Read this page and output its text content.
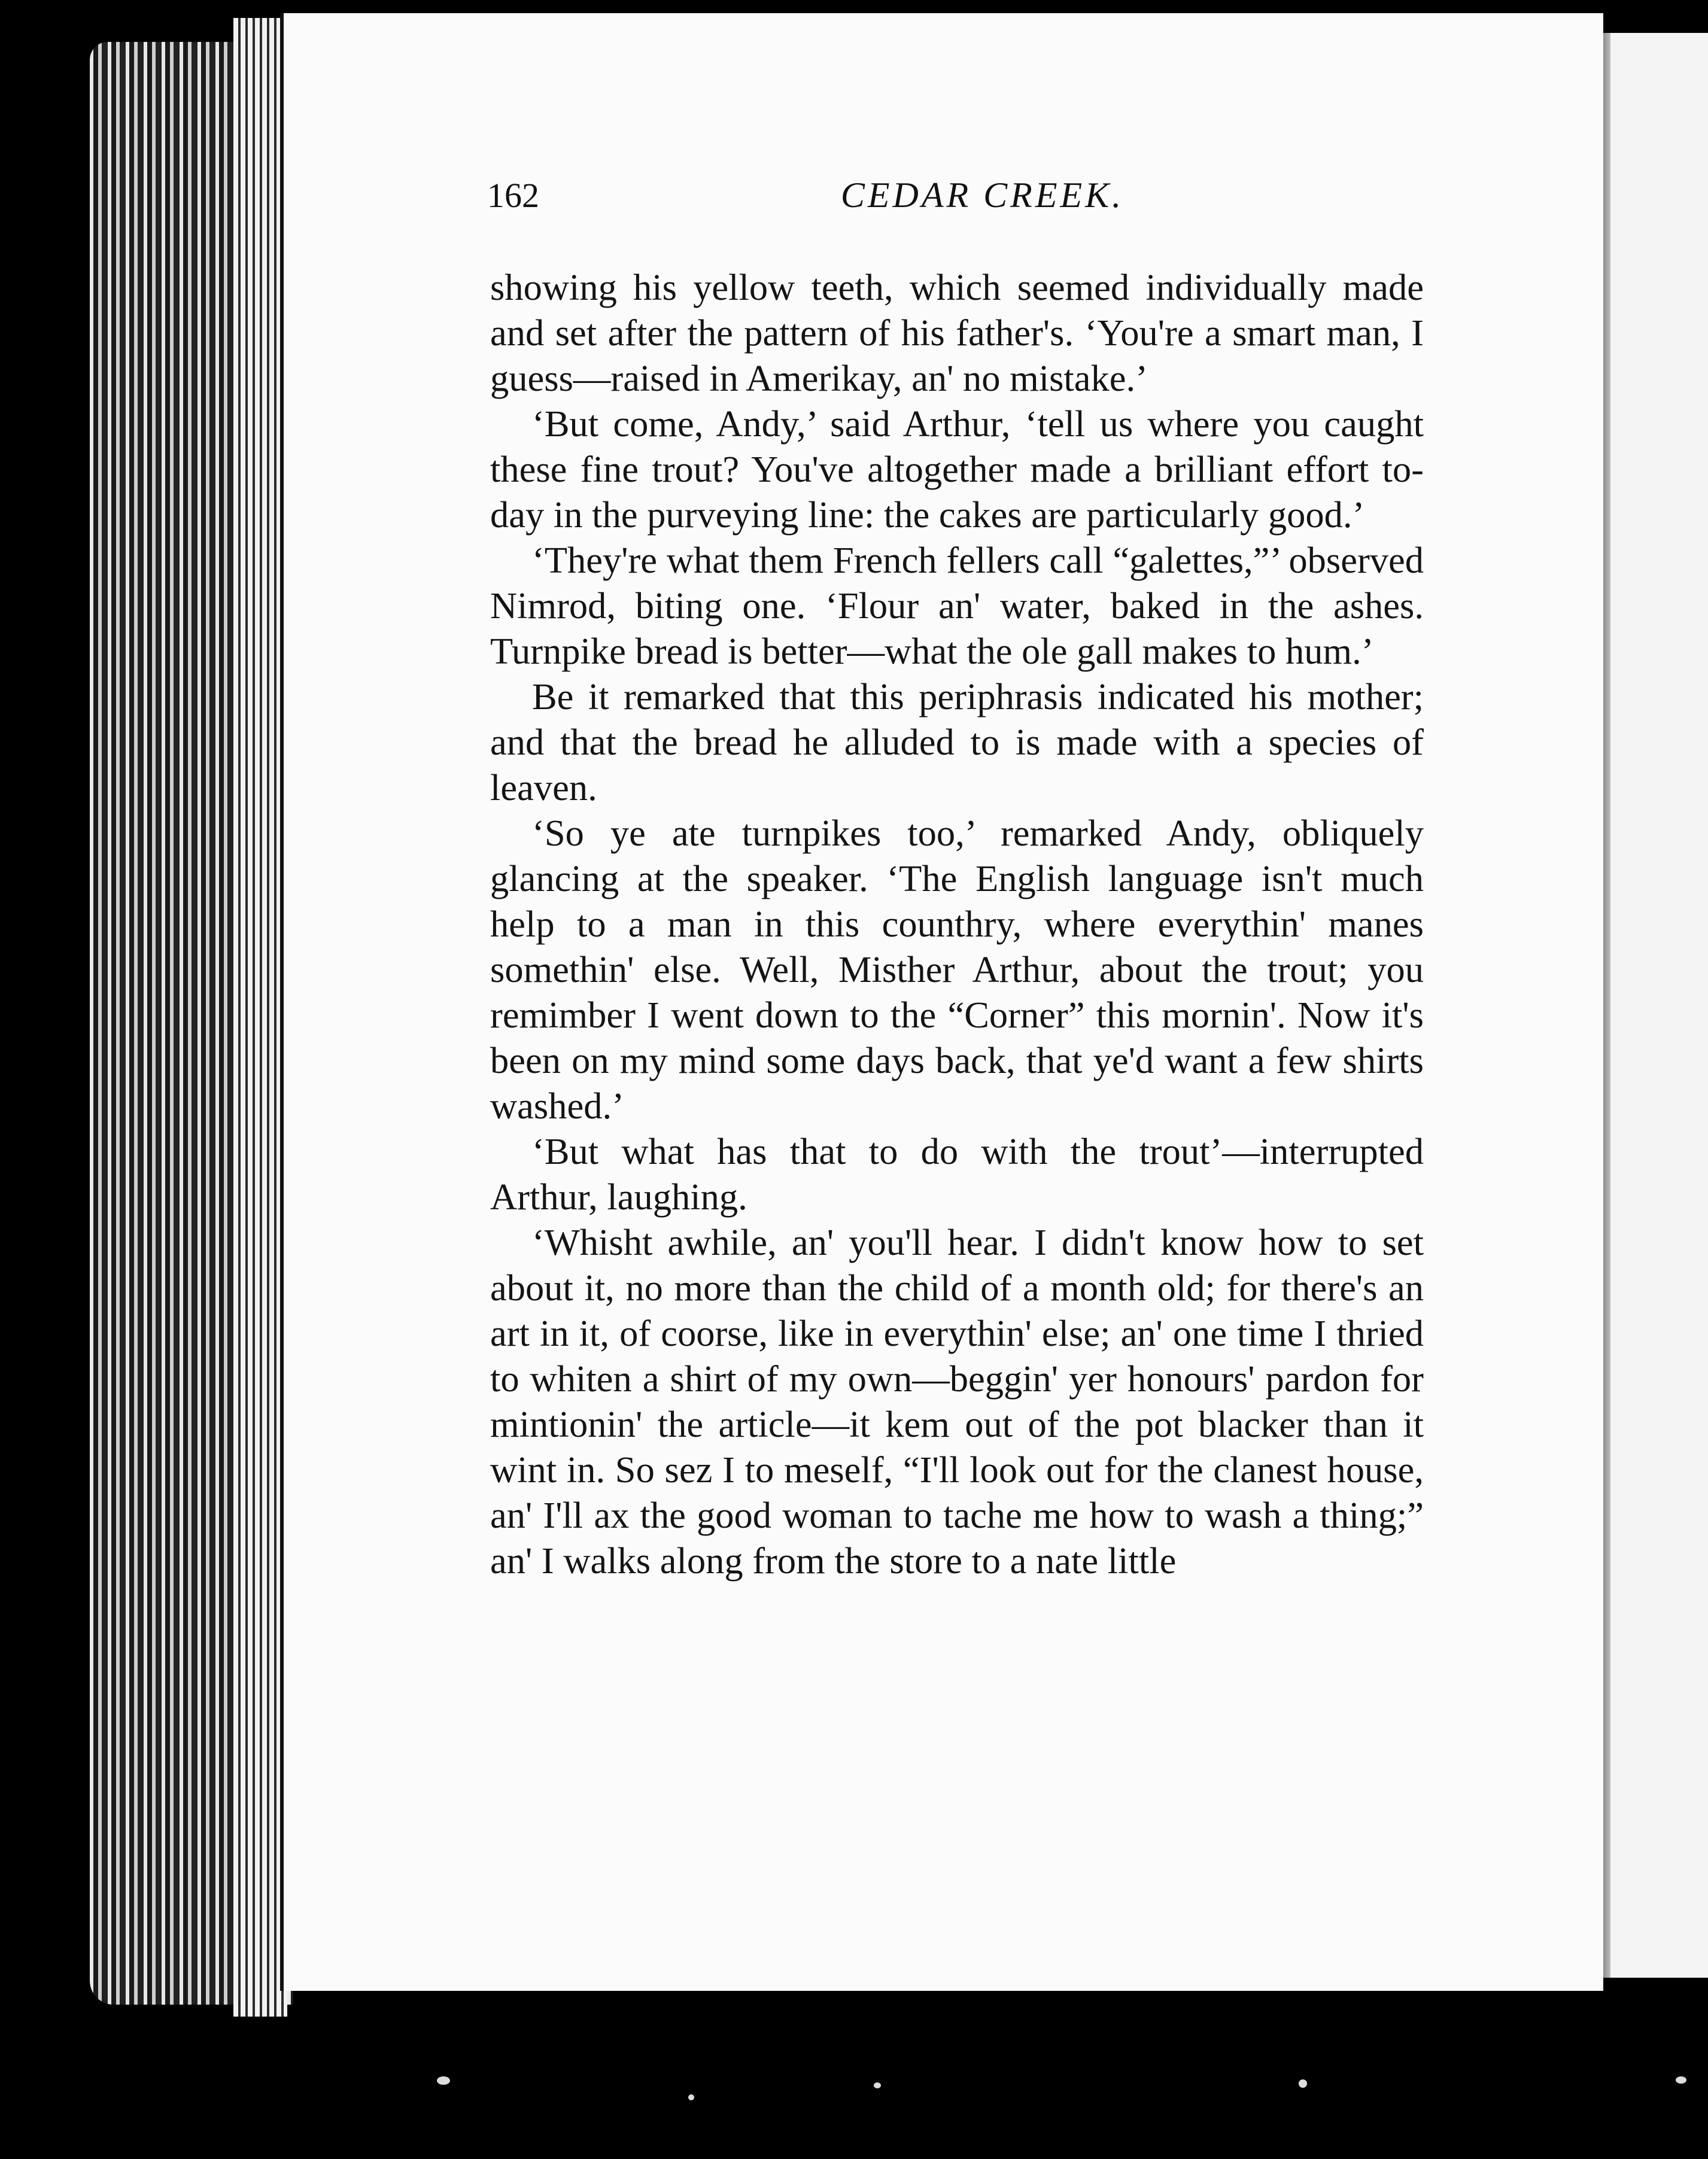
162	CEDAR CREEK.

showing his yellow teeth, which seemed individually made and set after the pattern of his father's. ‘You're a smart man, I guess—raised in Amerikay, an' no mistake.’

‘But come, Andy,’ said Arthur, ‘tell us where you caught these fine trout? You've altogether made a brilliant effort to-day in the purveying line: the cakes are particularly good.’

‘They're what them French fellers call “galettes,”’ observed Nimrod, biting one. ‘Flour an' water, baked in the ashes. Turnpike bread is better—what the ole gall makes to hum.’

Be it remarked that this periphrasis indicated his mother; and that the bread he alluded to is made with a species of leaven.

‘So ye ate turnpikes too,’ remarked Andy, obliquely glancing at the speaker. ‘The English language isn't much help to a man in this counthry, where everythin' manes somethin' else. Well, Misther Arthur, about the trout; you remimber I went down to the “Corner” this mornin'. Now it's been on my mind some days back, that ye'd want a few shirts washed.’

‘But what has that to do with the trout’—interrupted Arthur, laughing.

‘Whisht awhile, an' you'll hear. I didn't know how to set about it, no more than the child of a month old; for there's an art in it, of coorse, like in everythin' else; an' one time I thried to whiten a shirt of my own—beggin' yer honours' pardon for mintionin' the article—it kem out of the pot blacker than it wint in. So sez I to meself, “I'll look out for the clanest house, an' I'll ax the good woman to tache me how to wash a thing;” an' I walks along from the store to a nate little
